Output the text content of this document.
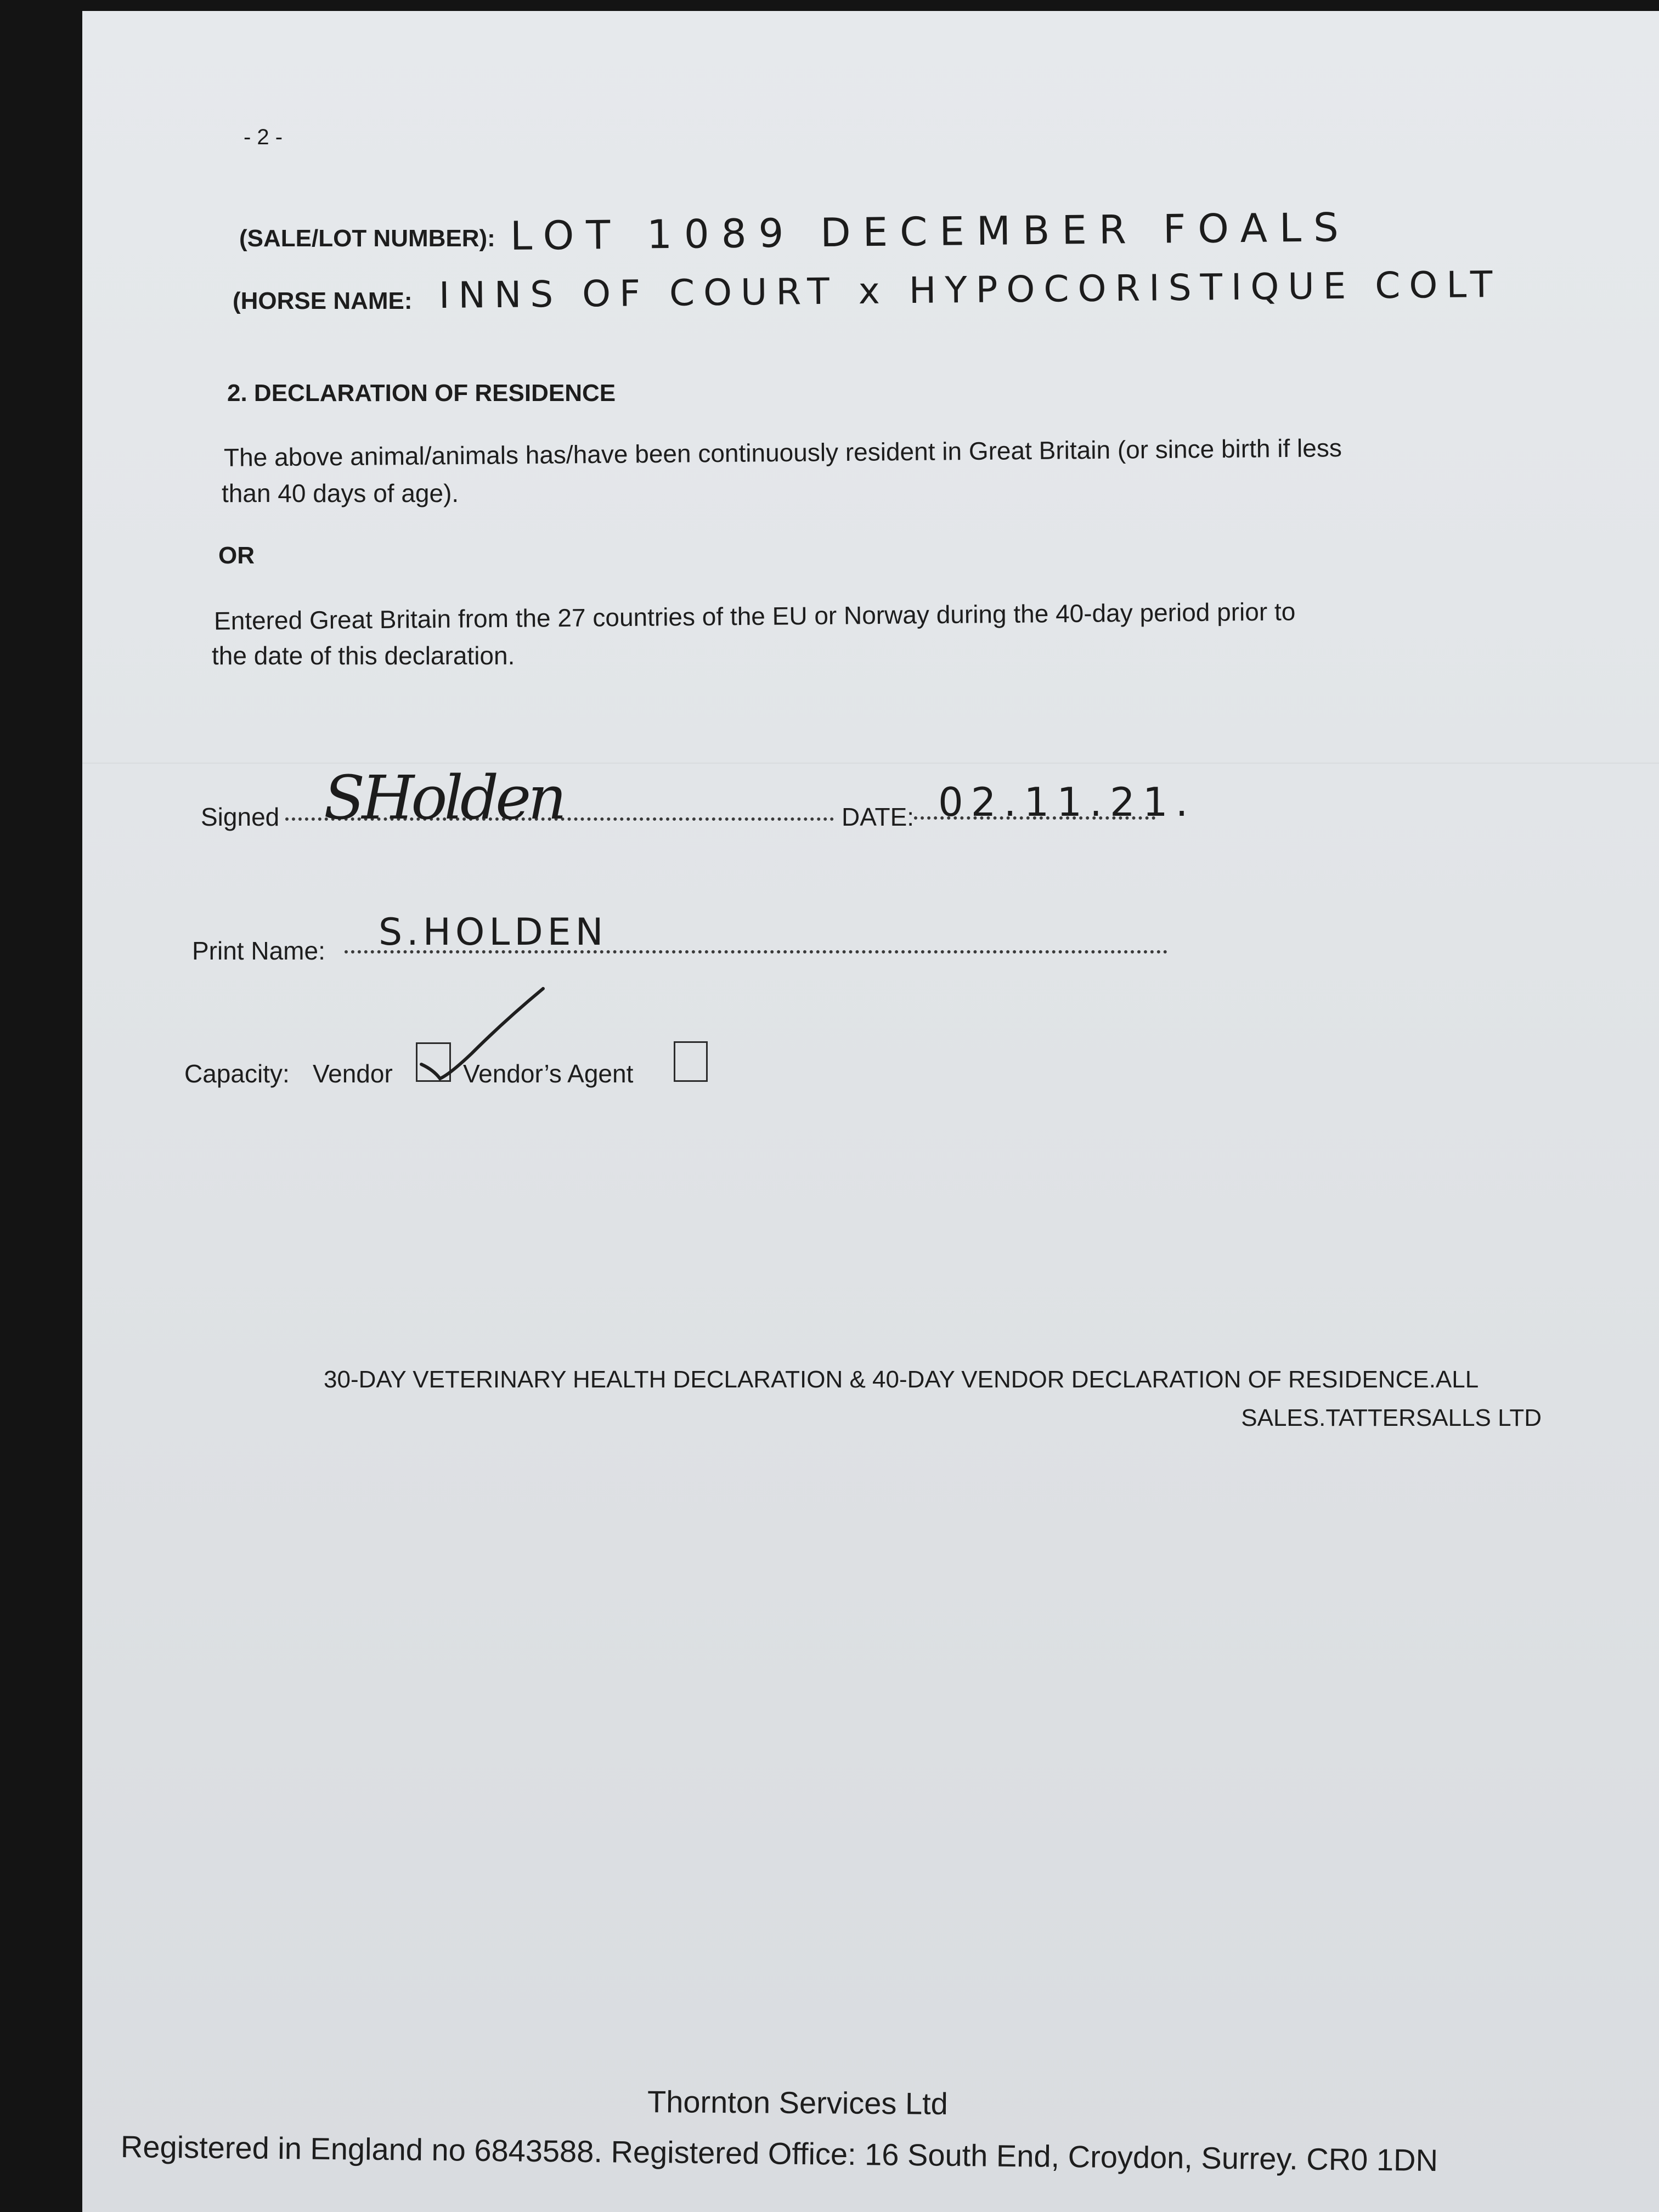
- 2 -

(SALE/LOT NUMBER): LOT 1089 DECEMBER FOALS

(HORSE NAME: INNS OF COURT x HYPOCORISTIQUE COLT

2. DECLARATION OF RESIDENCE

The above animal/animals has/have been continuously resident in Great Britain (or since birth if less

than 40 days of age).

OR

Entered Great Britain from the 27 countries of the EU or Norway during the 40-day period prior to

the date of this declaration.

Signed SHolden	DATE: 02.11.21.

Print Name: S.HOLDEN

Capacity: Vendor	Vendor’s Agent

30-DAY VETERINARY HEALTH DECLARATION & 40-DAY VENDOR DECLARATION OF RESIDENCE.ALL

SALES.TATTERSALLS LTD

Thornton Services Ltd

Registered in England no 6843588. Registered Office: 16 South End, Croydon, Surrey. CR0 1DN
